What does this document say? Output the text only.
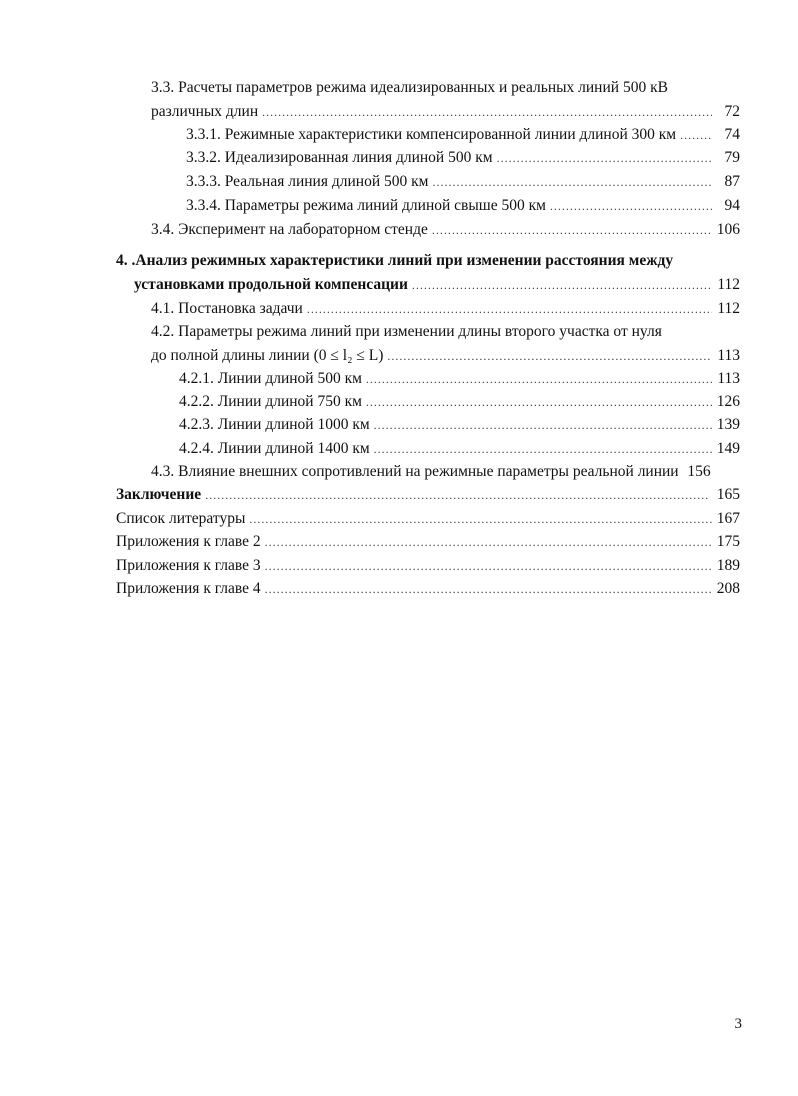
3.3. Расчеты параметров режима идеализированных и реальных линий 500 кВ
различных длин . . .	72
3.3.1. Режимные характеристики компенсированной линии длиной 300 км . . .	74
3.3.2. Идеализированная линия длиной 500 км . . .	79
3.3.3. Реальная линия длиной 500 км . . .	87
3.3.4. Параметры режима линий длиной свыше 500 км . . .	94
3.4. Эксперимент на лабораторном стенде . . .	106
4. .Анализ режимных характеристики линий при изменении расстояния между
установками продольной компенсации . . .	112
4.1. Постановка задачи . . .	112
4.2. Параметры режима линий при изменении длины второго участка от нуля
до полной длины линии (0 ≤ l₂ ≤ L) . . .	113
4.2.1. Линии длиной 500 км . . .	113
4.2.2. Линии длиной 750 км . . .	126
4.2.3. Линии длиной 1000 км . . .	139
4.2.4. Линии длиной 1400 км . . .	149
4.3. Влияние внешних сопротивлений на режимные параметры реальной линии 156
Заключение . . .	165
Список литературы . . .	167
Приложения к главе 2 . . .	175
Приложения к главе 3 . . .	189
Приложения к главе 4 . . .	208
3
